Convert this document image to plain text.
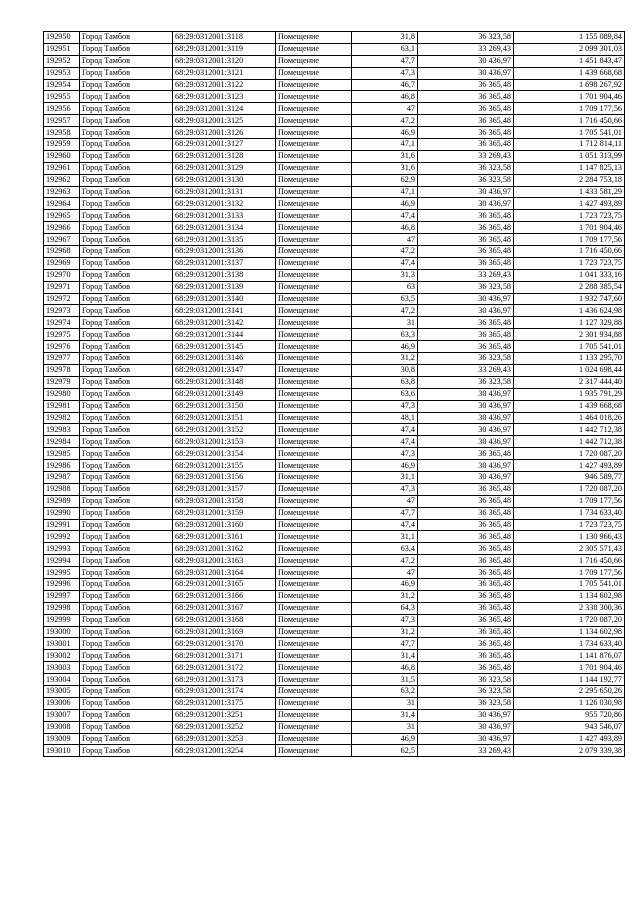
192950	Город Тамбов	68:29:0312001:3118	Помещение	31,8	36 323,58	1 155 089,84
192951	Город Тамбов	68:29:0312001:3119	Помещение	63,1	33 269,43	2 099 301,03
192952	Город Тамбов	68:29:0312001:3120	Помещение	47,7	30 436,97	1 451 843,47
192953	Город Тамбов	68:29:0312001:3121	Помещение	47,3	30 436,97	1 439 668,68
192954	Город Тамбов	68:29:0312001:3122	Помещение	46,7	36 365,48	1 698 267,92
192955	Город Тамбов	68:29:0312001:3123	Помещение	46,8	36 365,48	1 701 904,46
192956	Город Тамбов	68:29:0312001:3124	Помещение	47	36 365,48	1 709 177,56
192957	Город Тамбов	68:29:0312001:3125	Помещение	47,2	36 365,48	1 716 450,66
192958	Город Тамбов	68:29:0312001:3126	Помещение	46,9	36 365,48	1 705 541,01
192959	Город Тамбов	68:29:0312001:3127	Помещение	47,1	36 365,48	1 712 814,11
192960	Город Тамбов	68:29:0312001:3128	Помещение	31,6	33 269,43	1 051 313,99
192961	Город Тамбов	68:29:0312001:3129	Помещение	31,6	36 323,58	1 147 825,13
192962	Город Тамбов	68:29:0312001:3130	Помещение	62,9	36 323,58	2 284 753,18
192963	Город Тамбов	68:29:0312001:3131	Помещение	47,1	30 436,97	1 433 581,29
192964	Город Тамбов	68:29:0312001:3132	Помещение	46,9	30 436,97	1 427 493,89
192965	Город Тамбов	68:29:0312001:3133	Помещение	47,4	36 365,48	1 723 723,75
192966	Город Тамбов	68:29:0312001:3134	Помещение	46,8	36 365,48	1 701 904,46
192967	Город Тамбов	68:29:0312001:3135	Помещение	47	36 365,48	1 709 177,56
192968	Город Тамбов	68:29:0312001:3136	Помещение	47,2	36 365,48	1 716 450,66
192969	Город Тамбов	68:29:0312001:3137	Помещение	47,4	36 365,48	1 723 723,75
192970	Город Тамбов	68:29:0312001:3138	Помещение	31,3	33 269,43	1 041 333,16
192971	Город Тамбов	68:29:0312001:3139	Помещение	63	36 323,58	2 288 385,54
192972	Город Тамбов	68:29:0312001:3140	Помещение	63,5	30 436,97	1 932 747,60
192973	Город Тамбов	68:29:0312001:3141	Помещение	47,2	30 436,97	1 436 624,98
192974	Город Тамбов	68:29:0312001:3142	Помещение	31	36 365,48	1 127 329,88
192975	Город Тамбов	68:29:0312001:3144	Помещение	63,3	36 365,48	2 301 934,88
192976	Город Тамбов	68:29:0312001:3145	Помещение	46,9	36 365,48	1 705 541,01
192977	Город Тамбов	68:29:0312001:3146	Помещение	31,2	36 323,58	1 133 295,70
192978	Город Тамбов	68:29:0312001:3147	Помещение	30,8	33 269,43	1 024 698,44
192979	Город Тамбов	68:29:0312001:3148	Помещение	63,8	36 323,58	2 317 444,40
192980	Город Тамбов	68:29:0312001:3149	Помещение	63,6	30 436,97	1 935 791,29
192981	Город Тамбов	68:29:0312001:3150	Помещение	47,3	30 436,97	1 439 668,68
192982	Город Тамбов	68:29:0312001:3151	Помещение	48,1	30 436,97	1 464 018,26
192983	Город Тамбов	68:29:0312001:3152	Помещение	47,4	30 436,97	1 442 712,38
192984	Город Тамбов	68:29:0312001:3153	Помещение	47,4	30 436,97	1 442 712,38
192985	Город Тамбов	68:29:0312001:3154	Помещение	47,3	36 365,48	1 720 087,20
192986	Город Тамбов	68:29:0312001:3155	Помещение	46,9	30 436,97	1 427 493,89
192987	Город Тамбов	68:29:0312001:3156	Помещение	31,1	30 436,97	946 589,77
192988	Город Тамбов	68:29:0312001:3157	Помещение	47,3	36 365,48	1 720 087,20
192989	Город Тамбов	68:29:0312001:3158	Помещение	47	36 365,48	1 709 177,56
192990	Город Тамбов	68:29:0312001:3159	Помещение	47,7	36 365,48	1 734 633,40
192991	Город Тамбов	68:29:0312001:3160	Помещение	47,4	36 365,48	1 723 723,75
192992	Город Тамбов	68:29:0312001:3161	Помещение	31,1	36 365,48	1 130 966,43
192993	Город Тамбов	68:29:0312001:3162	Помещение	63,4	36 365,48	2 305 571,43
192994	Город Тамбов	68:29:0312001:3163	Помещение	47,2	36 365,48	1 716 450,66
192995	Город Тамбов	68:29:0312001:3164	Помещение	47	36 365,48	1 709 177,56
192996	Город Тамбов	68:29:0312001:3165	Помещение	46,9	36 365,48	1 705 541,01
192997	Город Тамбов	68:29:0312001:3166	Помещение	31,2	36 365,48	1 134 602,98
192998	Город Тамбов	68:29:0312001:3167	Помещение	64,3	36 365,48	2 338 300,36
192999	Город Тамбов	68:29:0312001:3168	Помещение	47,3	36 365,48	1 720 087,20
193000	Город Тамбов	68:29:0312001:3169	Помещение	31,2	36 365,48	1 134 602,98
193001	Город Тамбов	68:29:0312001:3170	Помещение	47,7	36 365,48	1 734 633,40
193002	Город Тамбов	68:29:0312001:3171	Помещение	31,4	36 365,48	1 141 876,07
193003	Город Тамбов	68:29:0312001:3172	Помещение	46,8	36 365,48	1 701 904,46
193004	Город Тамбов	68:29:0312001:3173	Помещение	31,5	36 323,58	1 144 192,77
193005	Город Тамбов	68:29:0312001:3174	Помещение	63,2	36 323,58	2 295 650,26
193006	Город Тамбов	68:29:0312001:3175	Помещение	31	36 323,58	1 126 030,98
193007	Город Тамбов	68:29:0312001:3251	Помещение	31,4	30 436,97	955 720,86
193008	Город Тамбов	68:29:0312001:3252	Помещение	31	30 436,97	943 546,07
193009	Город Тамбов	68:29:0312001:3253	Помещение	46,9	30 436,97	1 427 493,89
193010	Город Тамбов	68:29:0312001:3254	Помещение	62,5	33 269,43	2 079 339,38
